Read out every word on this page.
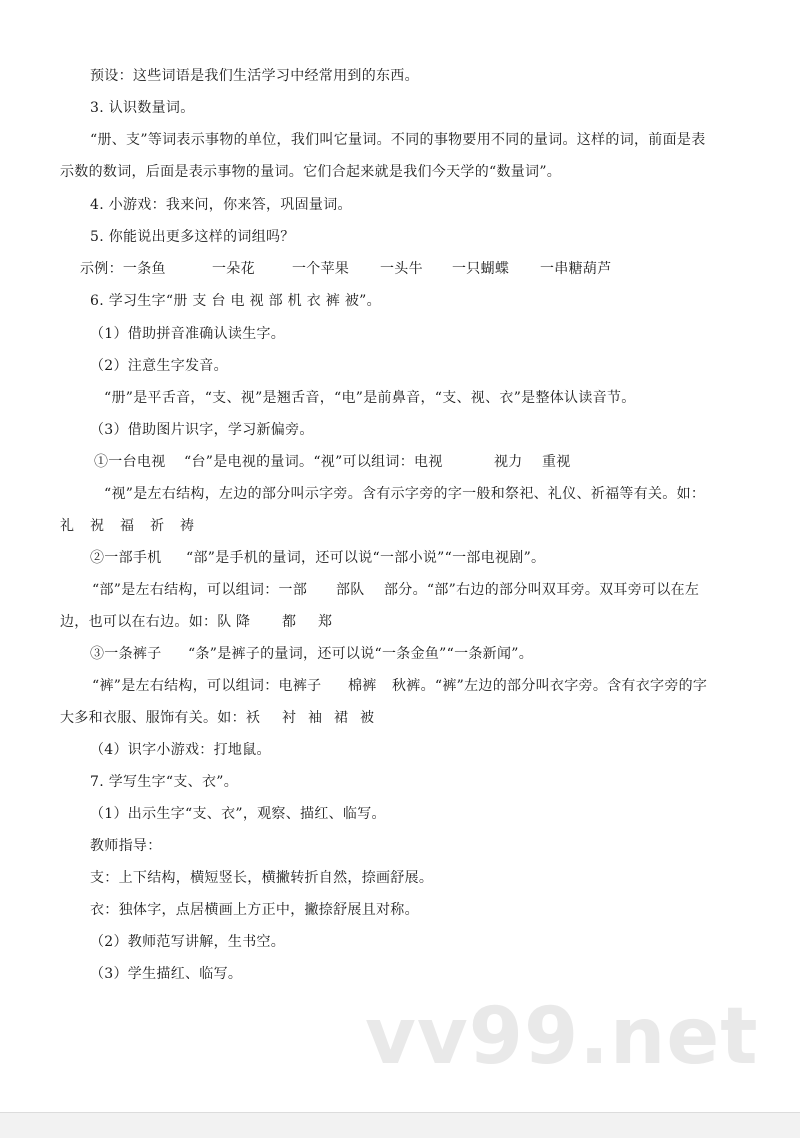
预设：这些词语是我们生活学习中经常用到的东西。
3. 认识数量词。
“册、支”等词表示事物的单位，我们叫它量词。不同的事物要用不同的量词。这样的词，前面是表
示数的数词，后面是表示事物的量词。它们合起来就是我们今天学的“数量词”。
4. 小游戏：我来问，你来答，巩固量词。
5. 你能说出更多这样的词组吗？
示例：一条鱼	一朵花	一个苹果 一头牛 一只蝴蝶 一串糖葫芦
6. 学习生字“册 支 台 电 视 部 机 衣 裤 被”。
（1）借助拼音准确认读生字。
（2）注意生字发音。
“册”是平舌音，“支、视”是翘舌音，“电”是前鼻音，“支、视、衣”是整体认读音节。
（3）借助图片识字，学习新偏旁。
①一台电视 “台”是电视的量词。“视”可以组词：电视	视力 重视
“视”是左右结构，左边的部分叫示字旁。含有示字旁的字一般和祭祀、礼仪、祈福等有关。如：
礼 祝 福 祈 祷
②一部手机 “部”是手机的量词，还可以说“一部小说”“一部电视剧”。
“部”是左右结构，可以组词：一部 部队 部分。“部”右边的部分叫双耳旁。双耳旁可以在左
边，也可以在右边。如：队 降 都 郑
③一条裤子 “条”是裤子的量词，还可以说“一条金鱼”“一条新闻”。
“裤”是左右结构，可以组词：电裤子 棉裤 秋裤。“裤”左边的部分叫衣字旁。含有衣字旁的字
大多和衣服、服饰有关。如：袄 衬 袖 裙 被
（4）识字小游戏：打地鼠。
7. 学写生字“支、衣”。
（1）出示生字“支、衣”，观察、描红、临写。
教师指导：
支：上下结构，横短竖长，横撇转折自然，捺画舒展。
衣：独体字，点居横画上方正中，撇捺舒展且对称。
（2）教师范写讲解，生书空。
（3）学生描红、临写。
vv99.net
